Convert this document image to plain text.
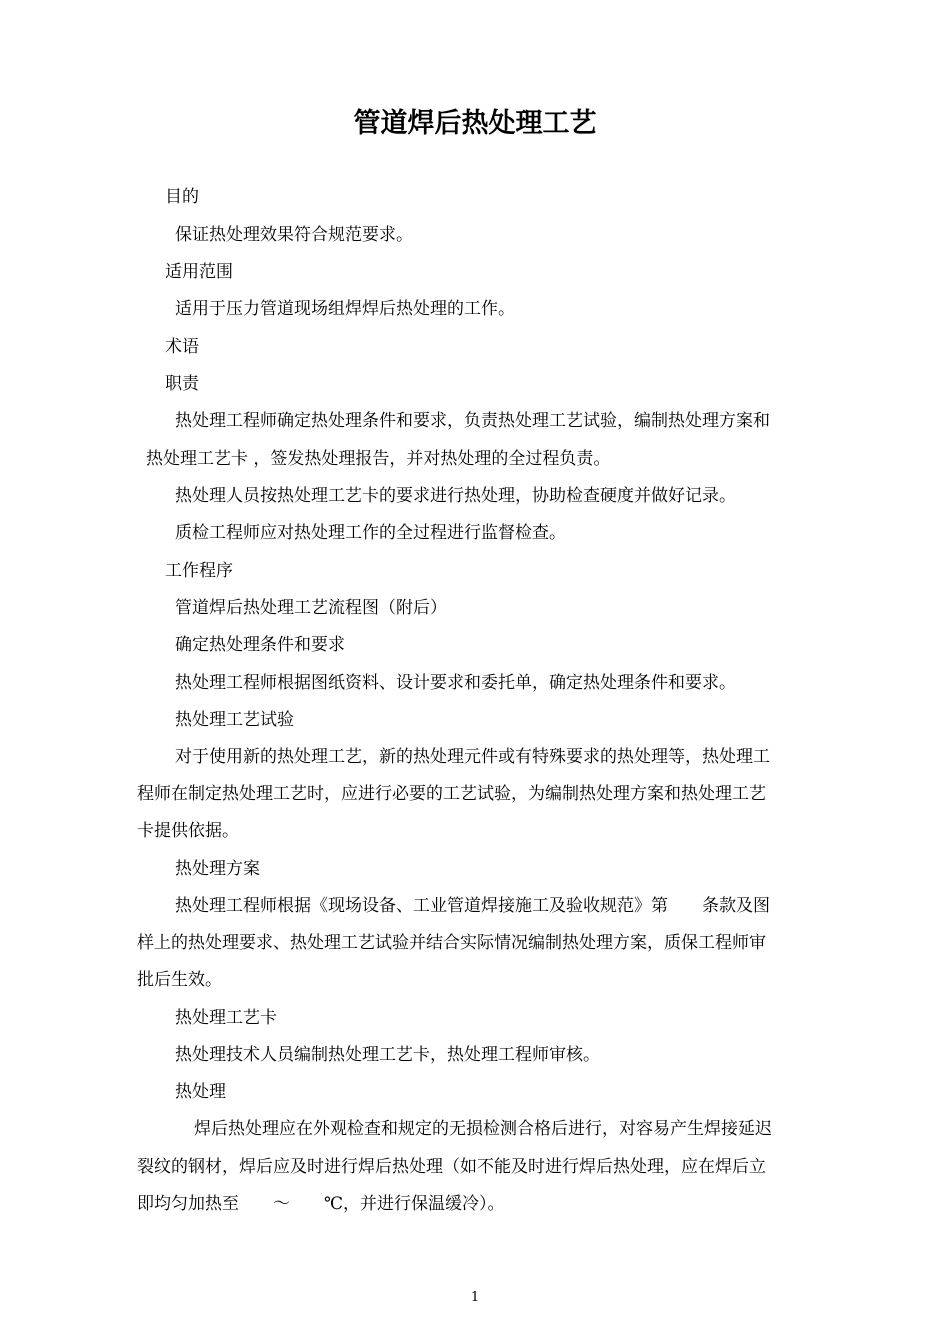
管道焊后热处理工艺
目的
保证热处理效果符合规范要求。
适用范围
适用于压力管道现场组焊焊后热处理的工作。
术语
职责
热处理工程师确定热处理条件和要求，负责热处理工艺试验，编制热处理方案和
热处理工艺卡 ，签发热处理报告，并对热处理的全过程负责。
热处理人员按热处理工艺卡的要求进行热处理，协助检查硬度并做好记录。
质检工程师应对热处理工作的全过程进行监督检查。
工作程序
管道焊后热处理工艺流程图（附后）
确定热处理条件和要求
热处理工程师根据图纸资料、设计要求和委托单，确定热处理条件和要求。
热处理工艺试验
对于使用新的热处理工艺，新的热处理元件或有特殊要求的热处理等，热处理工
程师在制定热处理工艺时，应进行必要的工艺试验，为编制热处理方案和热处理工艺
卡提供依据。
热处理方案
热处理工程师根据《现场设备、工业管道焊接施工及验收规范》第　　条款及图
样上的热处理要求、热处理工艺试验并结合实际情况编制热处理方案，质保工程师审
批后生效。
热处理工艺卡
热处理技术人员编制热处理工艺卡，热处理工程师审核。
热处理
焊后热处理应在外观检查和规定的无损检测合格后进行，对容易产生焊接延迟
裂纹的钢材，焊后应及时进行焊后热处理（如不能及时进行焊后热处理，应在焊后立
即均匀加热至　　～　　℃，并进行保温缓冷）。
1
